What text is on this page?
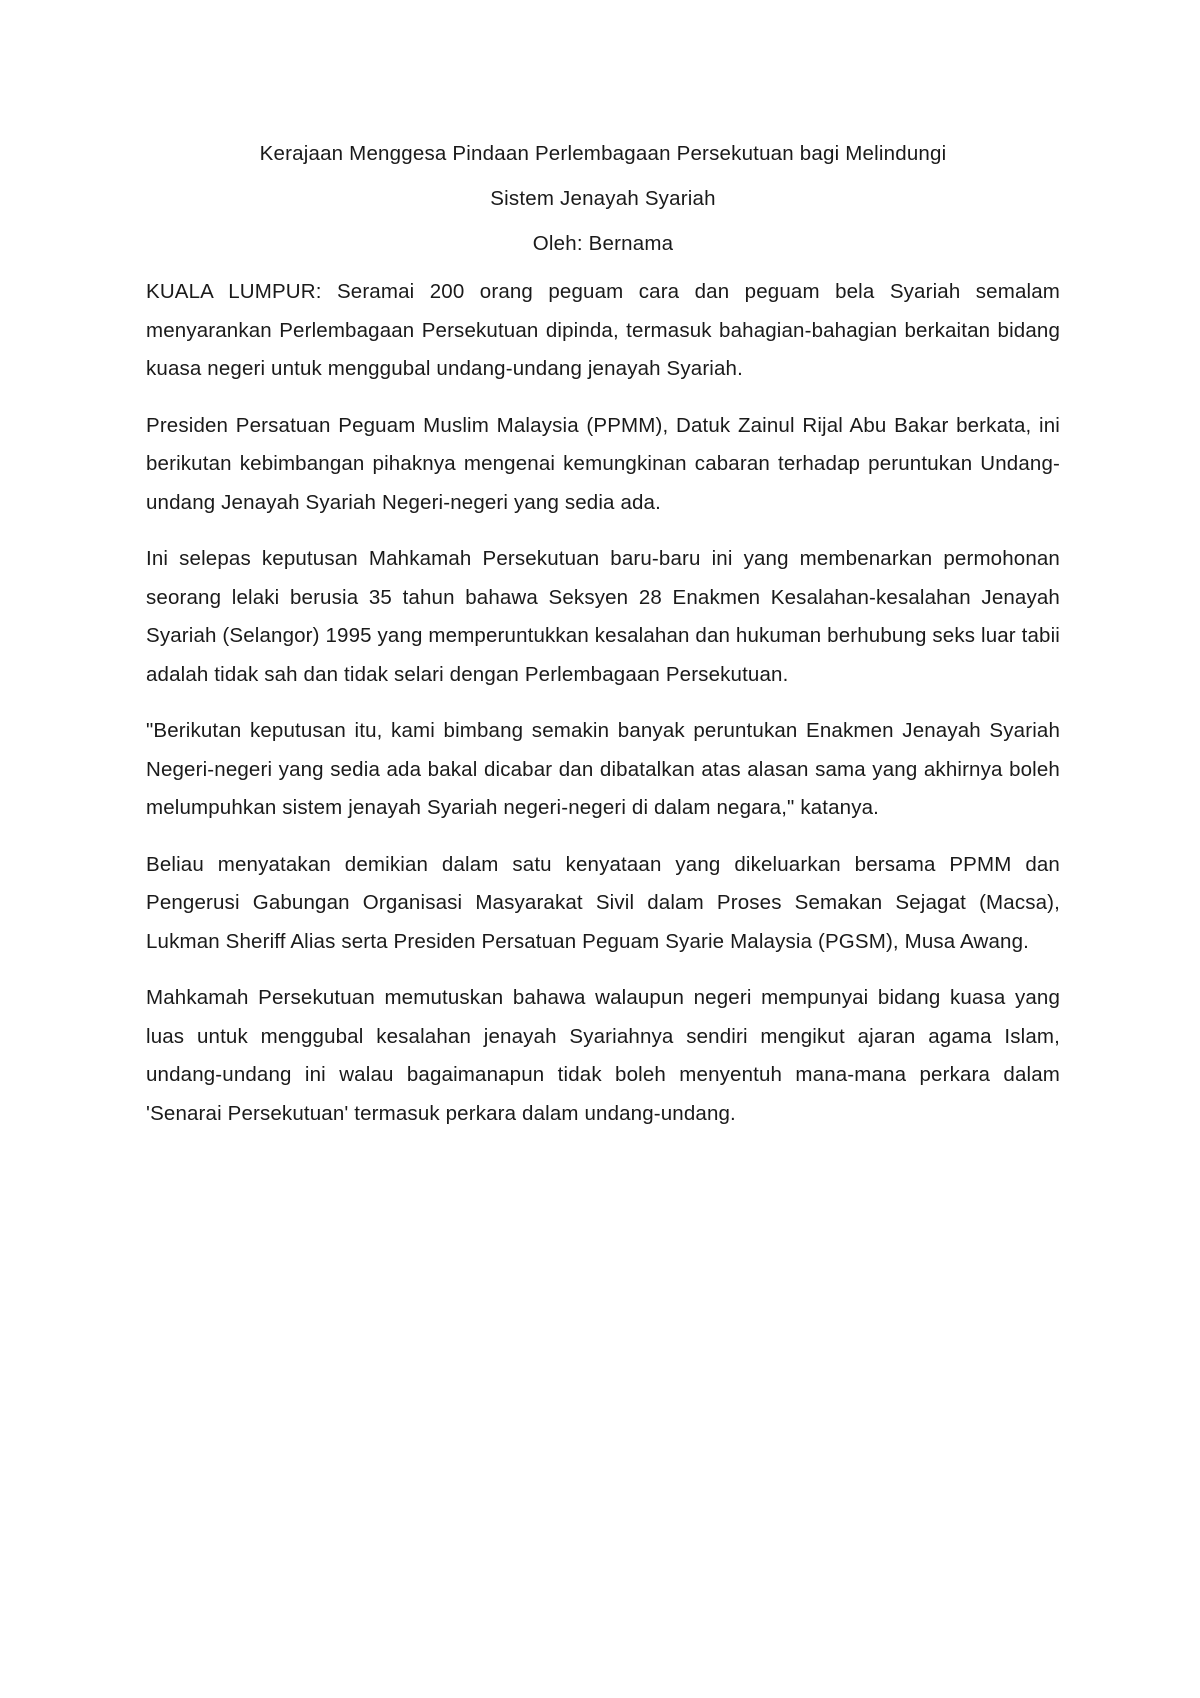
Kerajaan Menggesa Pindaan Perlembagaan Persekutuan bagi Melindungi

Sistem Jenayah Syariah

Oleh: Bernama

KUALA LUMPUR: Seramai 200 orang peguam cara dan peguam bela Syariah semalam menyarankan Perlembagaan Persekutuan dipinda, termasuk bahagian-bahagian berkaitan bidang kuasa negeri untuk menggubal undang-undang jenayah Syariah.

Presiden Persatuan Peguam Muslim Malaysia (PPMM), Datuk Zainul Rijal Abu Bakar berkata, ini berikutan kebimbangan pihaknya mengenai kemungkinan cabaran terhadap peruntukan Undang-undang Jenayah Syariah Negeri-negeri yang sedia ada.

Ini selepas keputusan Mahkamah Persekutuan baru-baru ini yang membenarkan permohonan seorang lelaki berusia 35 tahun bahawa Seksyen 28 Enakmen Kesalahan-kesalahan Jenayah Syariah (Selangor) 1995 yang memperuntukkan kesalahan dan hukuman berhubung seks luar tabii adalah tidak sah dan tidak selari dengan Perlembagaan Persekutuan.

"Berikutan keputusan itu, kami bimbang semakin banyak peruntukan Enakmen Jenayah Syariah Negeri-negeri yang sedia ada bakal dicabar dan dibatalkan atas alasan sama yang akhirnya boleh melumpuhkan sistem jenayah Syariah negeri-negeri di dalam negara," katanya.

Beliau menyatakan demikian dalam satu kenyataan yang dikeluarkan bersama PPMM dan Pengerusi Gabungan Organisasi Masyarakat Sivil dalam Proses Semakan Sejagat (Macsa), Lukman Sheriff Alias serta Presiden Persatuan Peguam Syarie Malaysia (PGSM), Musa Awang.

Mahkamah Persekutuan memutuskan bahawa walaupun negeri mempunyai bidang kuasa yang luas untuk menggubal kesalahan jenayah Syariahnya sendiri mengikut ajaran agama Islam, undang-undang ini walau bagaimanapun tidak boleh menyentuh mana-mana perkara dalam 'Senarai Persekutuan' termasuk perkara dalam undang-undang.
